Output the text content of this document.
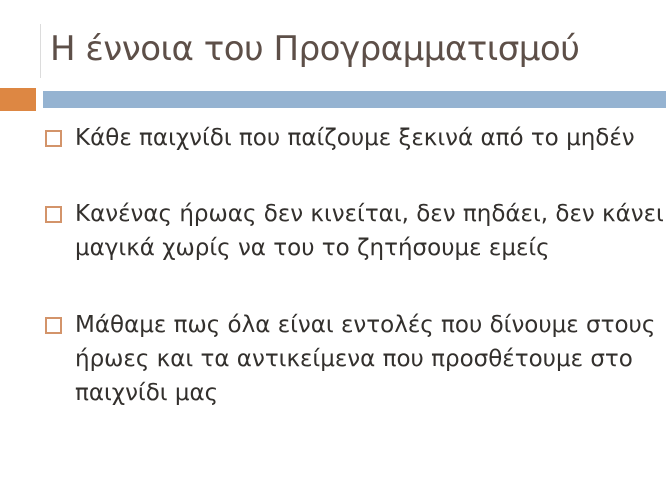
Η έννοια του Προγραμματισμού
Κάθε παιχνίδι που παίζουμε ξεκινά από το μηδέν
Κανένας ήρωας δεν κινείται, δεν πηδάει, δεν κάνει
μαγικά χωρίς να του το ζητήσουμε εμείς
Μάθαμε πως όλα είναι εντολές που δίνουμε στους
ήρωες και τα αντικείμενα που προσθέτουμε στο
παιχνίδι μας
